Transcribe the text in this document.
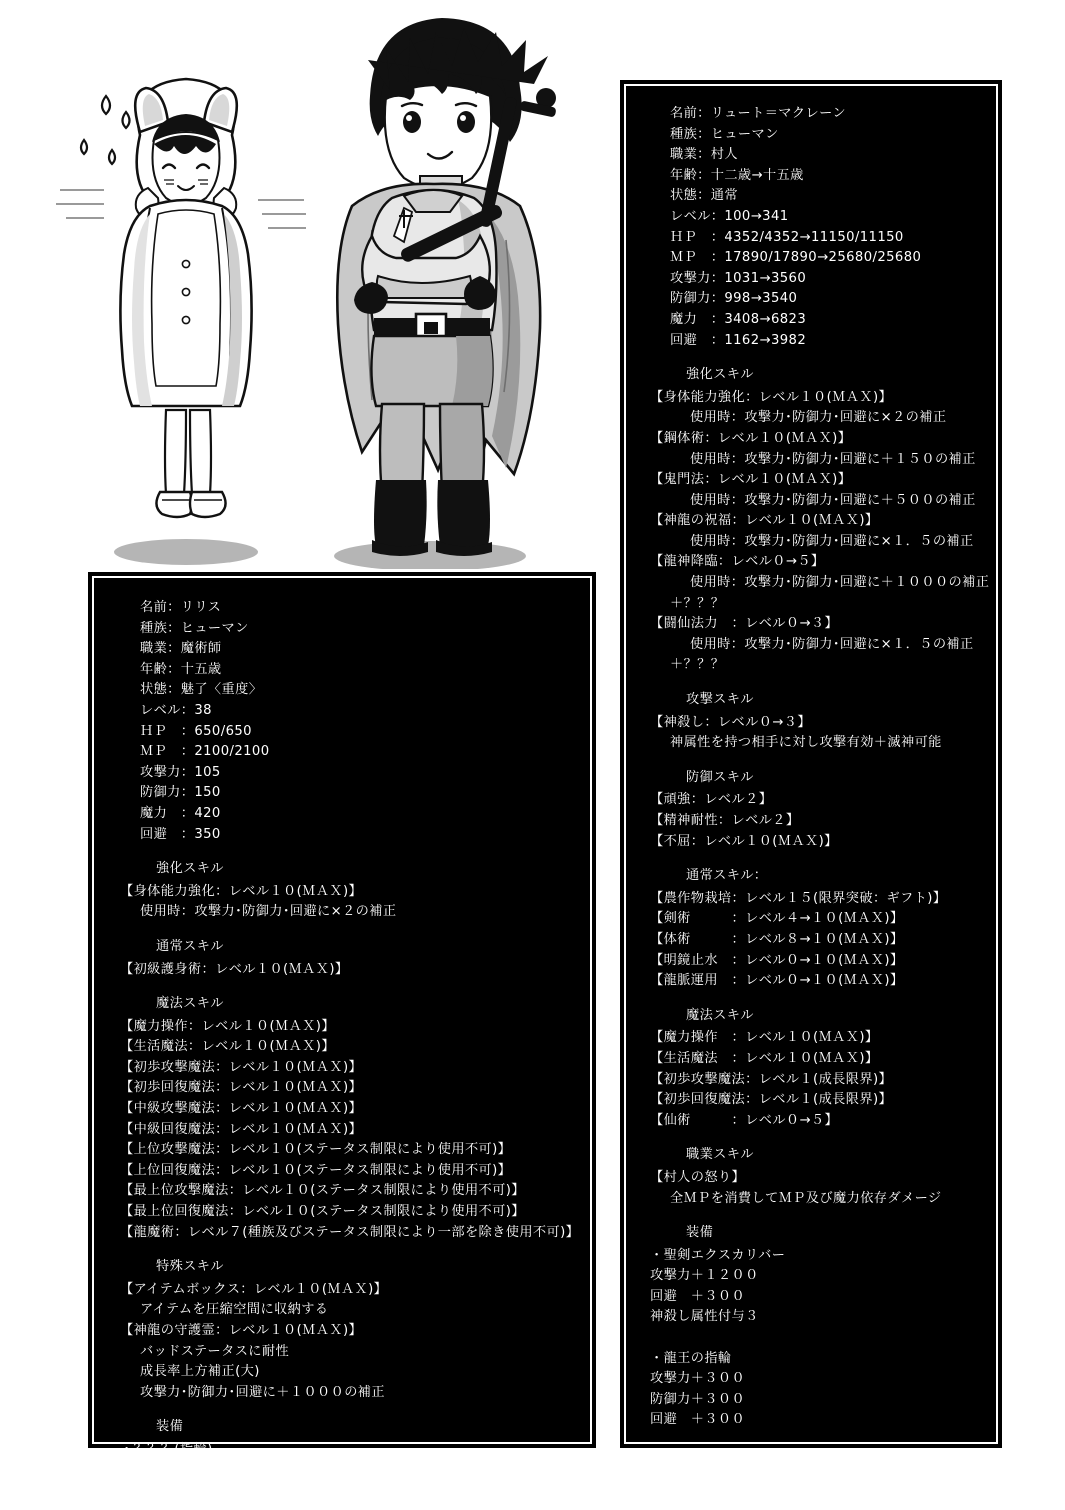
名前：リュート＝マクレーン
種族：ヒューマン
職業：村人
年齢：十二歳→十五歳
状態：通常
レベル：100→341
ＨＰ　：4352/4352→11150/11150
ＭＰ　：17890/17890→25680/25680
攻撃力：1031→3560
防御力：998→3540
魔力　：3408→6823
回避　：1162→3982
強化スキル
【身体能力強化：レベル１０(ＭＡＸ)】
使用時：攻撃力･防御力･回避に×２の補正
【鋼体術：レベル１０(ＭＡＸ)】
使用時：攻撃力･防御力･回避に＋１５０の補正
【鬼門法：レベル１０(ＭＡＸ)】
使用時：攻撃力･防御力･回避に＋５００の補正
【神龍の祝福：レベル１０(ＭＡＸ)】
使用時：攻撃力･防御力･回避に×１．５の補正
【龍神降臨：レベル０→５】
使用時：攻撃力･防御力･回避に＋１０００の補正
＋？？？
【闘仙法力　：レベル０→３】
使用時：攻撃力･防御力･回避に×１．５の補正
＋？？？
攻撃スキル
【神殺し：レベル０→３】
神属性を持つ相手に対し攻撃有効＋滅神可能
防御スキル
【頑強：レベル２】
【精神耐性：レベル２】
【不屈：レベル１０(ＭＡＸ)】
通常スキル：
【農作物栽培：レベル１５(限界突破：ギフト)】
【剣術　　　：レベル４→１０(ＭＡＸ)】
【体術　　　：レベル８→１０(ＭＡＸ)】
【明鏡止水　：レベル０→１０(ＭＡＸ)】
【龍脈運用　：レベル０→１０(ＭＡＸ)】
魔法スキル
【魔力操作　：レベル１０(ＭＡＸ)】
【生活魔法　：レベル１０(ＭＡＸ)】
【初歩攻撃魔法：レベル１(成長限界)】
【初歩回復魔法：レベル１(成長限界)】
【仙術　　　：レベル０→５】
職業スキル
【村人の怒り】
全ＭＰを消費してＭＰ及び魔力依存ダメージ
装備
・聖剣エクスカリバー
攻撃力＋１２００
回避　＋３００
神殺し属性付与３

・龍王の指輪
攻撃力＋３００
防御力＋３００
回避　＋３００

・咎人ノ衣
名前：リリス
種族：ヒューマン
職業：魔術師
年齢：十五歳
状態：魅了〈重度〉
レベル：38
ＨＰ　：650/650
ＭＰ　：2100/2100
攻撃力：105
防御力：150
魔力　：420
回避　：350
強化スキル
【身体能力強化：レベル１０(ＭＡＸ)】
使用時：攻撃力･防御力･回避に×２の補正
通常スキル
【初級護身術：レベル１０(ＭＡＸ)】
魔法スキル
【魔力操作：レベル１０(ＭＡＸ)】
【生活魔法：レベル１０(ＭＡＸ)】
【初歩攻撃魔法：レベル１０(ＭＡＸ)】
【初歩回復魔法：レベル１０(ＭＡＸ)】
【中級攻撃魔法：レベル１０(ＭＡＸ)】
【中級回復魔法：レベル１０(ＭＡＸ)】
【上位攻撃魔法：レベル１０(ステータス制限により使用不可)】
【上位回復魔法：レベル１０(ステータス制限により使用不可)】
【最上位攻撃魔法：レベル１０(ステータス制限により使用不可)】
【最上位回復魔法：レベル１０(ステータス制限により使用不可)】
【龍魔術：レベル７(種族及びステータス制限により一部を除き使用不可)】
特殊スキル
【アイテムボックス：レベル１０(ＭＡＸ)】
アイテムを圧縮空間に収納する
【神龍の守護霊：レベル１０(ＭＡＸ)】
バッドステータスに耐性
成長率上方補正(大)
攻撃力･防御力･回避に＋１０００の補正
装備
・？？？(指輪)
